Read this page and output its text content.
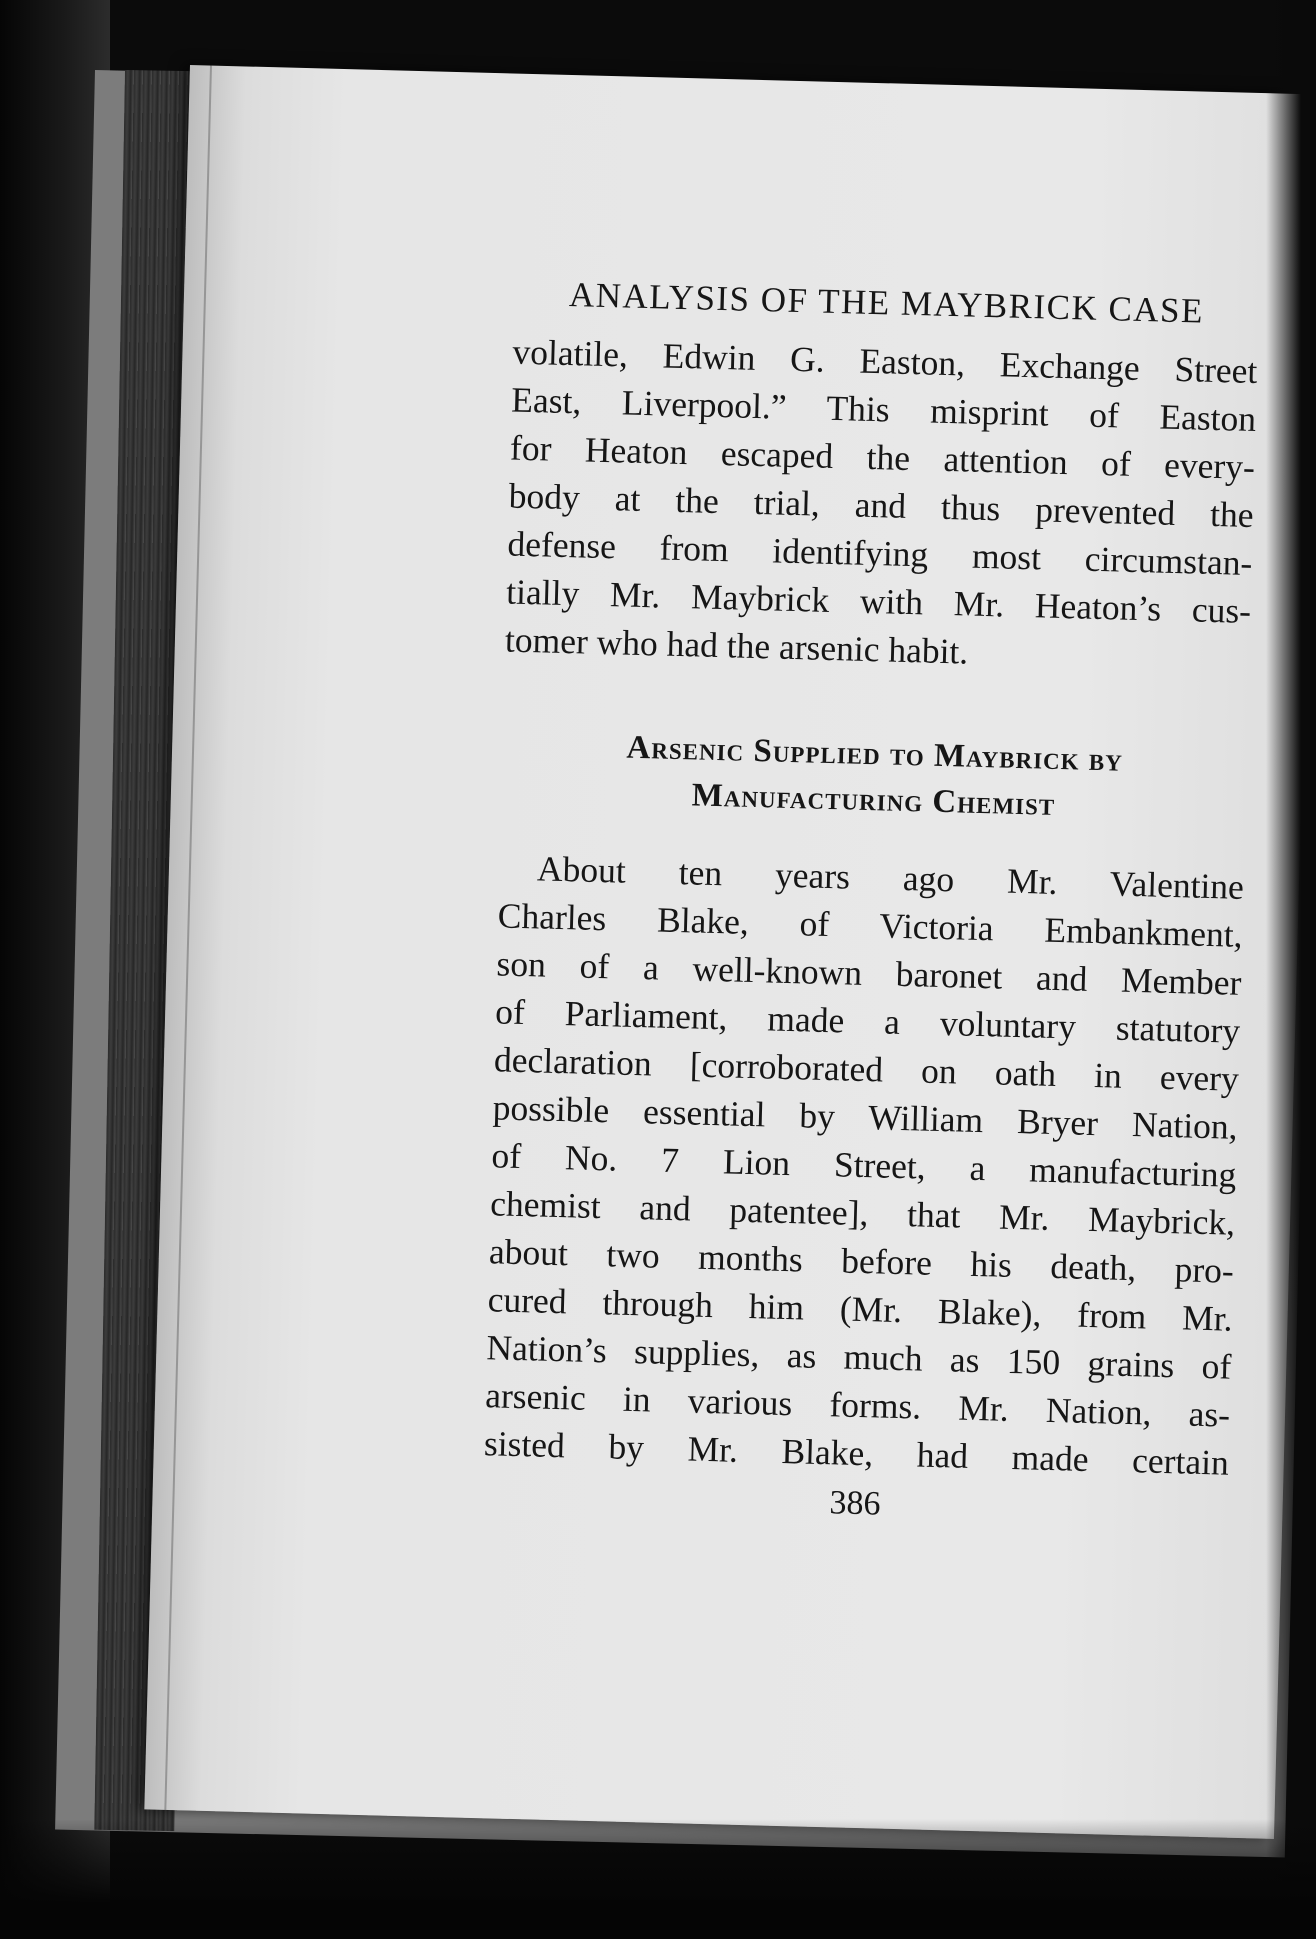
ANALYSIS OF THE MAYBRICK CASE

volatile, Edwin G. Easton, Exchange Street
East, Liverpool.” This misprint of Easton
for Heaton escaped the attention of every-
body at the trial, and thus prevented the
defense from identifying most circumstan-
tially Mr. Maybrick with Mr. Heaton’s cus-
tomer who had the arsenic habit.

Arsenic Supplied to Maybrick by
Manufacturing Chemist

About ten years ago Mr. Valentine
Charles Blake, of Victoria Embankment,
son of a well-known baronet and Member
of Parliament, made a voluntary statutory
declaration [corroborated on oath in every
possible essential by William Bryer Nation,
of No. 7 Lion Street, a manufacturing
chemist and patentee], that Mr. Maybrick,
about two months before his death, pro-
cured through him (Mr. Blake), from Mr.
Nation’s supplies, as much as 150 grains of
arsenic in various forms. Mr. Nation, as-
sisted by Mr. Blake, had made certain

386
